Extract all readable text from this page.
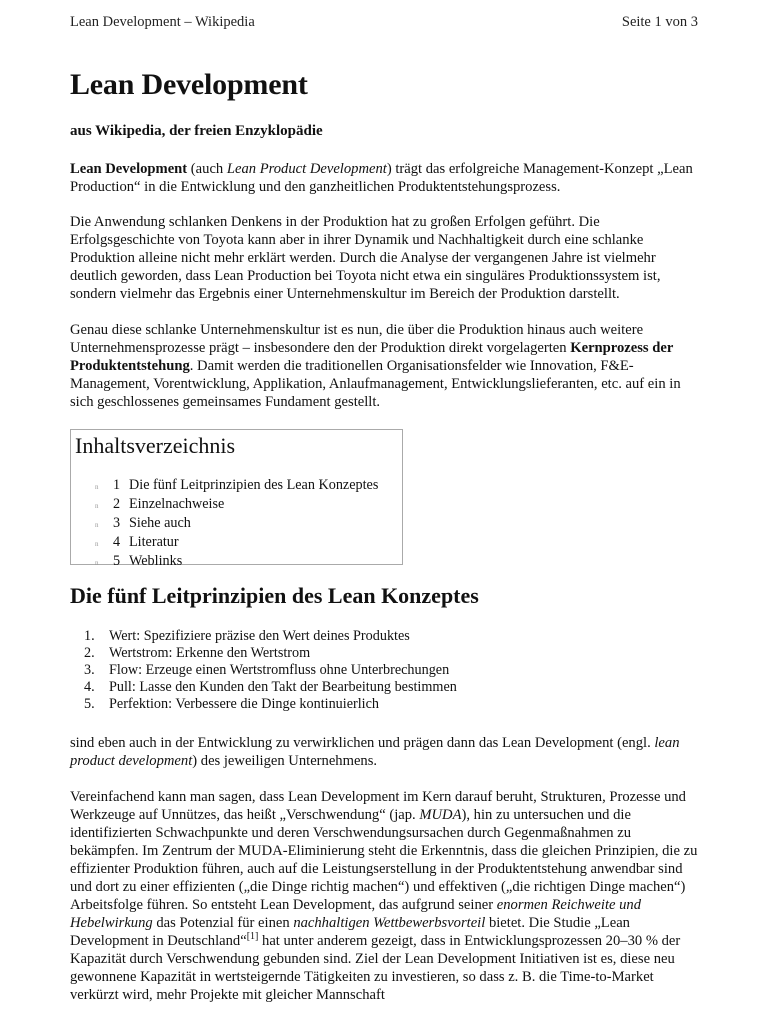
Lean Development – Wikipedia	Seite 1 von 3
Lean Development

aus Wikipedia, der freien Enzyklopädie

Lean Development (auch Lean Product Development) trägt das erfolgreiche Management-Konzept „Lean Production“ in die Entwicklung und den ganzheitlichen Produktentstehungsprozess.

Die Anwendung schlanken Denkens in der Produktion hat zu großen Erfolgen geführt. Die Erfolgsgeschichte von Toyota kann aber in ihrer Dynamik und Nachhaltigkeit durch eine schlanke Produktion alleine nicht mehr erklärt werden. Durch die Analyse der vergangenen Jahre ist vielmehr deutlich geworden, dass Lean Production bei Toyota nicht etwa ein singuläres Produktionssystem ist, sondern vielmehr das Ergebnis einer Unternehmenskultur im Bereich der Produktion darstellt.

Genau diese schlanke Unternehmenskultur ist es nun, die über die Produktion hinaus auch weitere Unternehmensprozesse prägt – insbesondere den der Produktion direkt vorgelagerten Kernprozess der Produktentstehung. Damit werden die traditionellen Organisationsfelder wie Innovation, F&E-Management, Vorentwicklung, Applikation, Anlaufmanagement, Entwicklungslieferanten, etc. auf ein in sich geschlossenes gemeinsames Fundament gestellt.

Inhaltsverzeichnis
n	1 Die fünf Leitprinzipien des Lean Konzeptes
n	2 Einzelnachweise
n	3 Siehe auch
n	4 Literatur
n	5 Weblinks
Die fünf Leitprinzipien des Lean Konzeptes
1.	Wert: Spezifiziere präzise den Wert deines Produktes
2.	Wertstrom: Erkenne den Wertstrom
3.	Flow: Erzeuge einen Wertstromfluss ohne Unterbrechungen
4.	Pull: Lasse den Kunden den Takt der Bearbeitung bestimmen
5.	Perfektion: Verbessere die Dinge kontinuierlich

sind eben auch in der Entwicklung zu verwirklichen und prägen dann das Lean Development (engl. lean product development) des jeweiligen Unternehmens.

Vereinfachend kann man sagen, dass Lean Development im Kern darauf beruht, Strukturen, Prozesse und Werkzeuge auf Unnützes, das heißt „Verschwendung“ (jap. MUDA), hin zu untersuchen und die identifizierten Schwachpunkte und deren Verschwendungsursachen durch Gegenmaßnahmen zu bekämpfen. Im Zentrum der MUDA-Eliminierung steht die Erkenntnis, dass die gleichen Prinzipien, die zu effizienter Produktion führen, auch auf die Leistungserstellung in der Produktentstehung anwendbar sind und dort zu einer effizienten („die Dinge richtig machen“) und effektiven („die richtigen Dinge machen“) Arbeitsfolge führen. So entsteht Lean Development, das aufgrund seiner enormen Reichweite und Hebelwirkung das Potenzial für einen nachhaltigen Wettbewerbsvorteil bietet. Die Studie „Lean Development in Deutschland“[1] hat unter anderem gezeigt, dass in Entwicklungsprozessen 20–30 % der Kapazität durch Verschwendung gebunden sind. Ziel der Lean Development Initiativen ist es, diese neu gewonnene Kapazität in wertsteigernde Tätigkeiten zu investieren, so dass z. B. die Time-to-Market verkürzt wird, mehr Projekte mit gleicher Mannschaft
